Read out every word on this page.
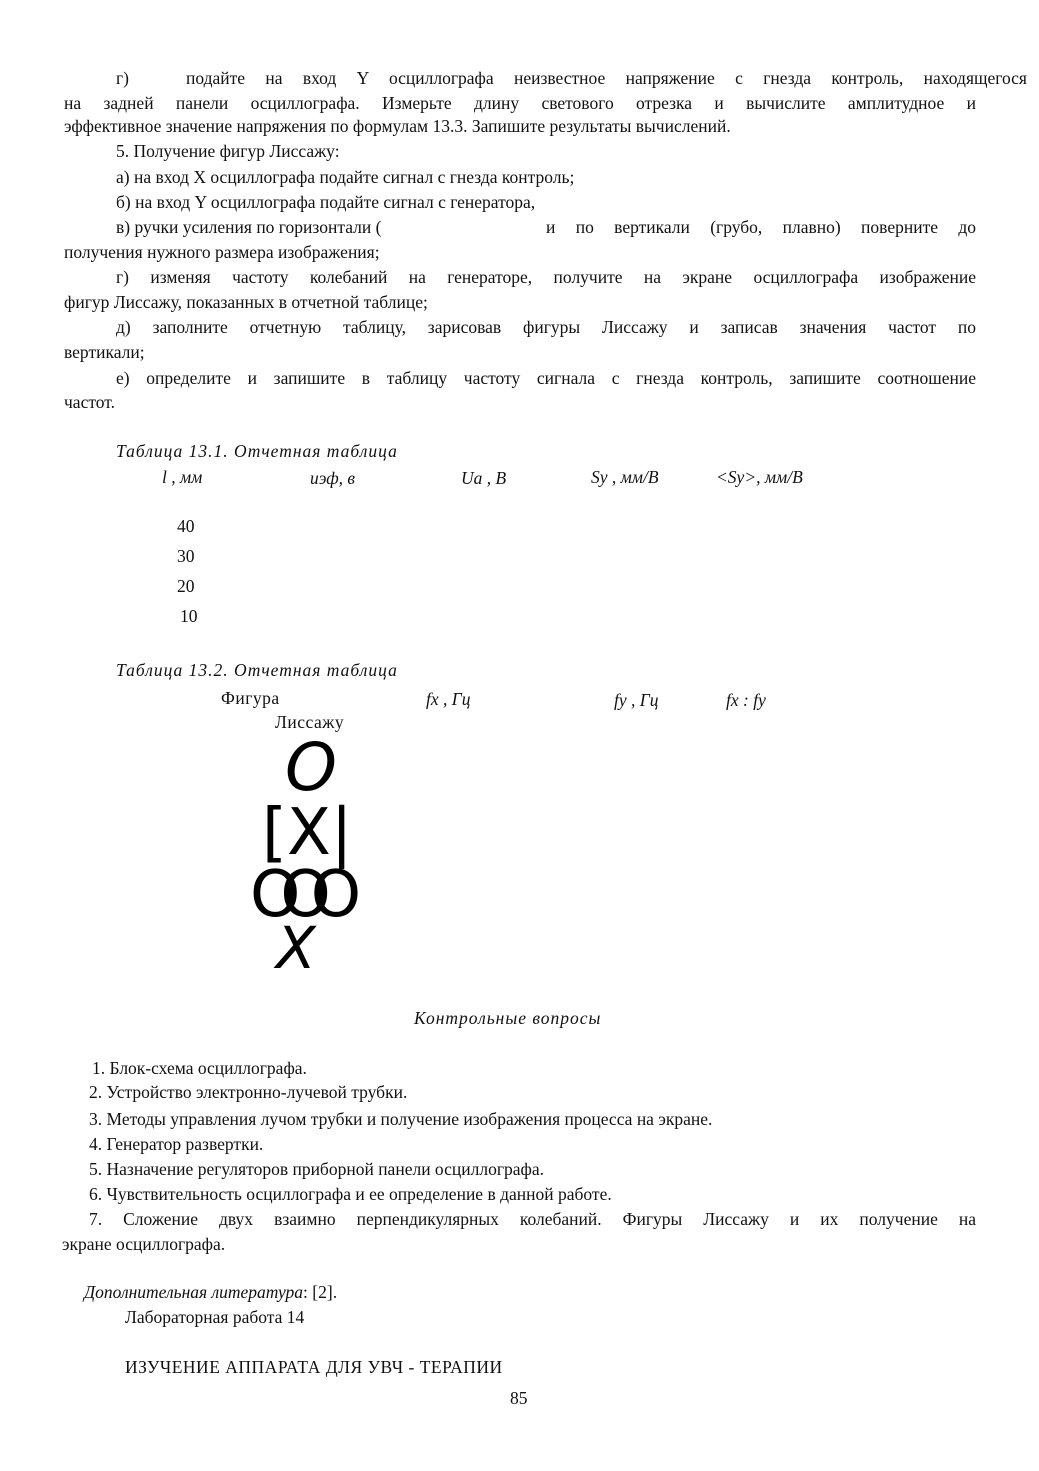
г)	подайте на вход Y осциллографа неизвестное напряжение с гнезда контроль, находящегося
на задней панели осциллографа. Измерьте длину светового отрезка и вычислите амплитудное и
эффективное значение напряжения по формулам 13.3. Запишите результаты вычислений.
5. Получение фигур Лиссажу:
а) на вход X осциллографа подайте сигнал с гнезда контроль;
б) на вход Y осциллографа подайте сигнал с генератора,
в) ручки усиления по горизонтали (	и по вертикали (грубо, плавно) поверните до
получения нужного размера изображения;
г) изменяя частоту колебаний на генераторе, получите на экране осциллографа изображение
фигур Лиссажу, показанных в отчетной таблице;
д) заполните отчетную таблицу, зарисовав фигуры Лиссажу и записав значения частот по
вертикали;
е) определите и запишите в таблицу частоту сигнала с гнезда контроль, запишите соотношение
частот.
Таблица 13.1. Отчетная таблица
l , мм	иэф, в	Ua , B	Sy , мм/В	<Sy>, мм/В
40
30
20
10
Таблица 13.2. Отчетная таблица
Фигура
Лиссажу
fx , Гц	fy , Гц	fx : fy
O
[X|
OOO
X
Контрольные вопросы
1. Блок-схема осциллографа.
2. Устройство электронно-лучевой трубки.
3. Методы управления лучом трубки и получение изображения процесса на экране.
4. Генератор развертки.
5. Назначение регуляторов приборной панели осциллографа.
6. Чувствительность осциллографа и ее определение в данной работе.
7. Сложение двух взаимно перпендикулярных колебаний. Фигуры Лиссажу и их получение на
экране осциллографа.
Дополнительная литература: [2].
Лабораторная работа 14
ИЗУЧЕНИЕ АППАРАТА ДЛЯ УВЧ - ТЕРАПИИ
85
